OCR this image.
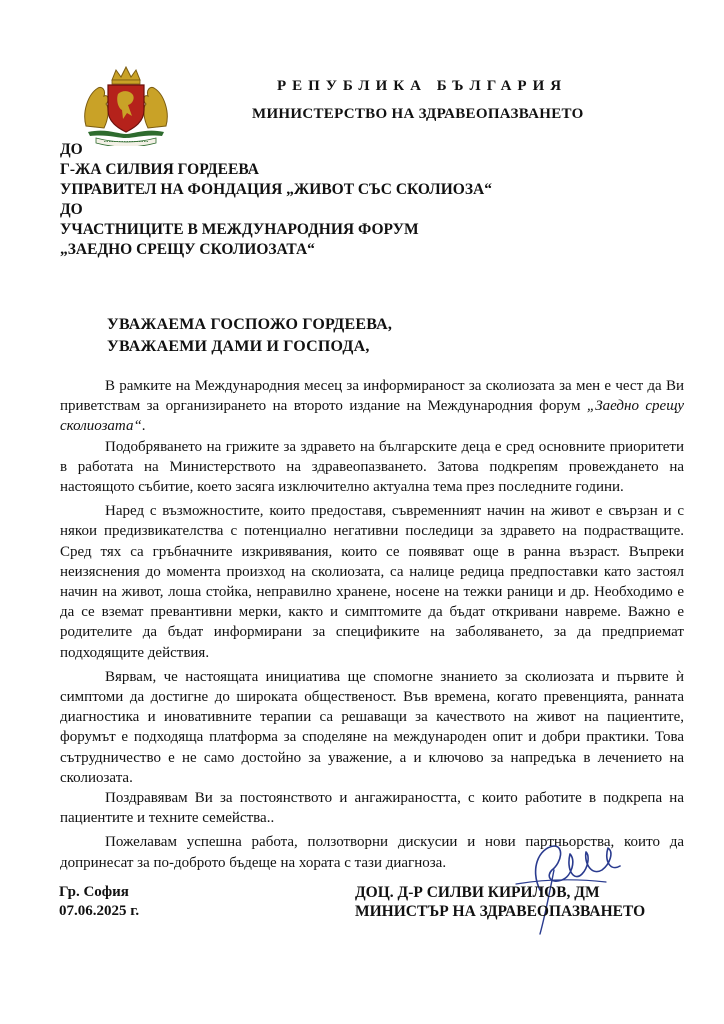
РЕПУБЛИКА БЪЛГАРИЯ
МИНИСТЕРСТВО НА ЗДРАВЕОПАЗВАНЕТО
ДО
Г-ЖА СИЛВИЯ ГОРДЕЕВА
УПРАВИТЕЛ НА ФОНДАЦИЯ „ЖИВОТ СЪС СКОЛИОЗА“
ДО
УЧАСТНИЦИТЕ В МЕЖДУНАРОДНИЯ ФОРУМ
„ЗАЕДНО СРЕЩУ СКОЛИОЗАТА“
УВАЖАЕМА ГОСПОЖО ГОРДЕЕВА,
УВАЖАЕМИ ДАМИ И ГОСПОДА,

В рамките на Международния месец за информираност за сколиозата за мен е чест да Ви приветствам за организирането на второто издание на Международния форум „Заедно срещу сколиозата“.

Подобряването на грижите за здравето на българските деца е сред основните приоритети в работата на Министерството на здравеопазването. Затова подкрепям провеждането на настоящото събитие, което засяга изключително актуална тема през последните години.

Наред с възможностите, които предоставя, съвременният начин на живот е свързан и с някои предизвикателства с потенциално негативни последици за здравето на подрастващите. Сред тях са гръбначните изкривявания, които се появяват още в ранна възраст. Въпреки неизяснения до момента произход на сколиозата, са налице редица предпоставки като застоял начин на живот, лоша стойка, неправилно хранене, носене на тежки раници и др. Необходимо е да се вземат превантивни мерки, както и симптомите да бъдат откривани навреме. Важно е родителите да бъдат информирани за спецификите на заболяването, за да предприемат подходящите действия.

Вярвам, че настоящата инициатива ще спомогне знанието за сколиозата и първите ѝ симптоми да достигне до широката общественост. Във времена, когато превенцията, ранната диагностика и иновативните терапии са решаващи за качеството на живот на пациентите, форумът е подходяща платформа за споделяне на международен опит и добри практики. Това сътрудничество е не само достойно за уважение, а и ключово за напредъка в лечението на сколиозата.

Поздравявам Ви за постоянството и ангажираността, с които работите в подкрепа на пациентите и техните семейства..

Пожелавам успешна работа, ползотворни дискусии и нови партньорства, които да допринесат за по-доброто бъдеще на хората с тази диагноза.

Гр. София
07.06.2025 г.
ДОЦ. Д-Р СИЛВИ КИРИЛОВ, ДМ
МИНИСТЪР НА ЗДРАВЕОПАЗВАНЕТО
